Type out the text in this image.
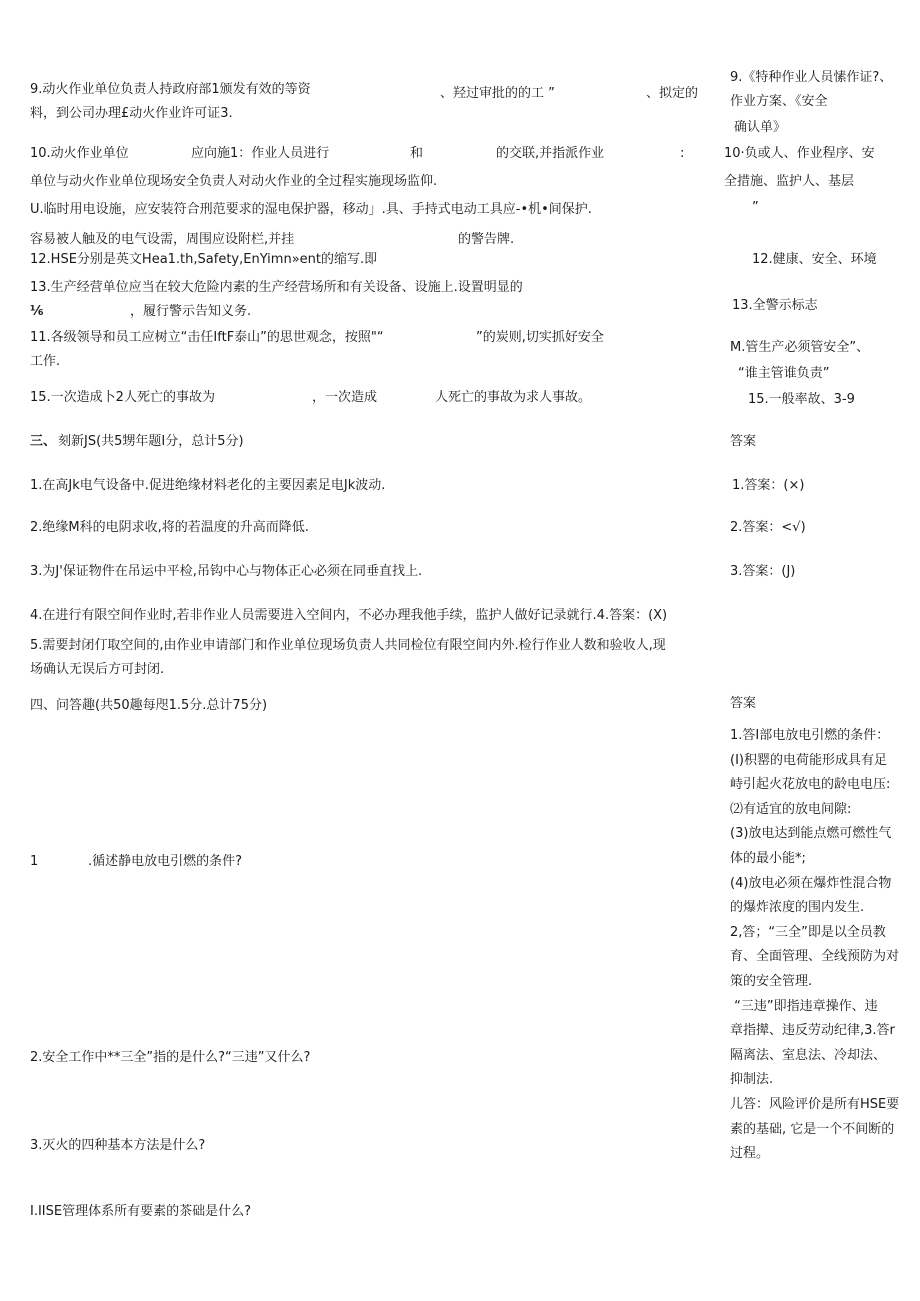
9.动火作业单位负责人持政府部1颁发有效的等资	、羟过审批的的工 ”	、拟定的
料，到公司办理£动火作业许可证3.
10.动火作业单位	应向施1：作业人员进行	和	的交联,并指派作业	:
单位与动火作业单位现场安全负责人对动火作业的全过程实施现场监仰.
U.临时用电设施，应安装符合刑范要求的湿电保护器，移动」.具、手持式电动工具应-•机•间保护.
容易被人触及的电气设需，周围应设附栏,并挂	的警告牌.
12.HSE分别是英文Hea1.th,Safety,EnYimn»ent的缩写.即
13.生产经营单位应当在较大危险内素的生产经营场所和有关设备、设施上.设置明显的
⅙	，履行警示告知义务.
11.各级领导和员工应树立“击任IftF泰山”的思世观念，按照"“	”的炭则,切实抓好安全
工作.
15.一次造成卜2人死亡的事故为	，一次造成	人死亡的事故为求人事故。
三、 刻新JS(共5甥年题I分，总计5分)
1.在高Jk电气设备中.促进绝缘材料老化的主要因素足电Jk波动.
2.绝缘M科的电阴求收,将的若温度的升高而降低.
3.为J'保证物件在吊运中平检,吊钩中心与物体正心必须在同垂直找上.
4.在进行有限空间作业时,若非作业人员需要进入空间内，不必办理我他手续，监护人做好记录就行.4.答案：(X)
5.需要封闭仃取空间的,由作业申请部门和作业单位现场负责人共同检位有限空间内外.检行作业人数和验收人,现
场确认无误后方可封闭.
四、问答趣(共50趣每咫1.5分.总计75分)
1	.循述静电放电引燃的条件?
2.安全工作中**三全”指的是什么?“三违”又什么?
3.灭火的四种基本方法是什么?
I.IISE管理体系所有要素的茶础是什么?
9.《特种作业人员愫作证?、
作业方案、《安全
确认单》
10·负或人、作业程序、安
全措施、监护人、基层
”
12.健康、安全、环境
13.全警示标志
M.管生产必须管安全”、
“谁主管谁负责”
15.一般率故、3-9
答案
1.答案：(×)
2.答案：<√)
3.答案：(J)
答案
1.答I部电放电引燃的条件：
(I)积罂的电荷能形成具有足
峙引起火花放电的龄电电压:
⑵有适宜的放电间隙:
(3)放电达到能点燃可燃性气
体的最小能*;
(4)放电必须在爆炸性混合物
的爆炸浓度的围内发生.
2,答；“三全”即是以全员教
育、全面管理、全线预防为对
策的安全管理.
“三违”即指违章操作、违
章指撵、违反劳动纪律,3.答r
隔离法、室息法、冷却法、
抑制法.
儿答：风险评价是所有HSE要
素的基础, 它是一个不间断的
过程。
